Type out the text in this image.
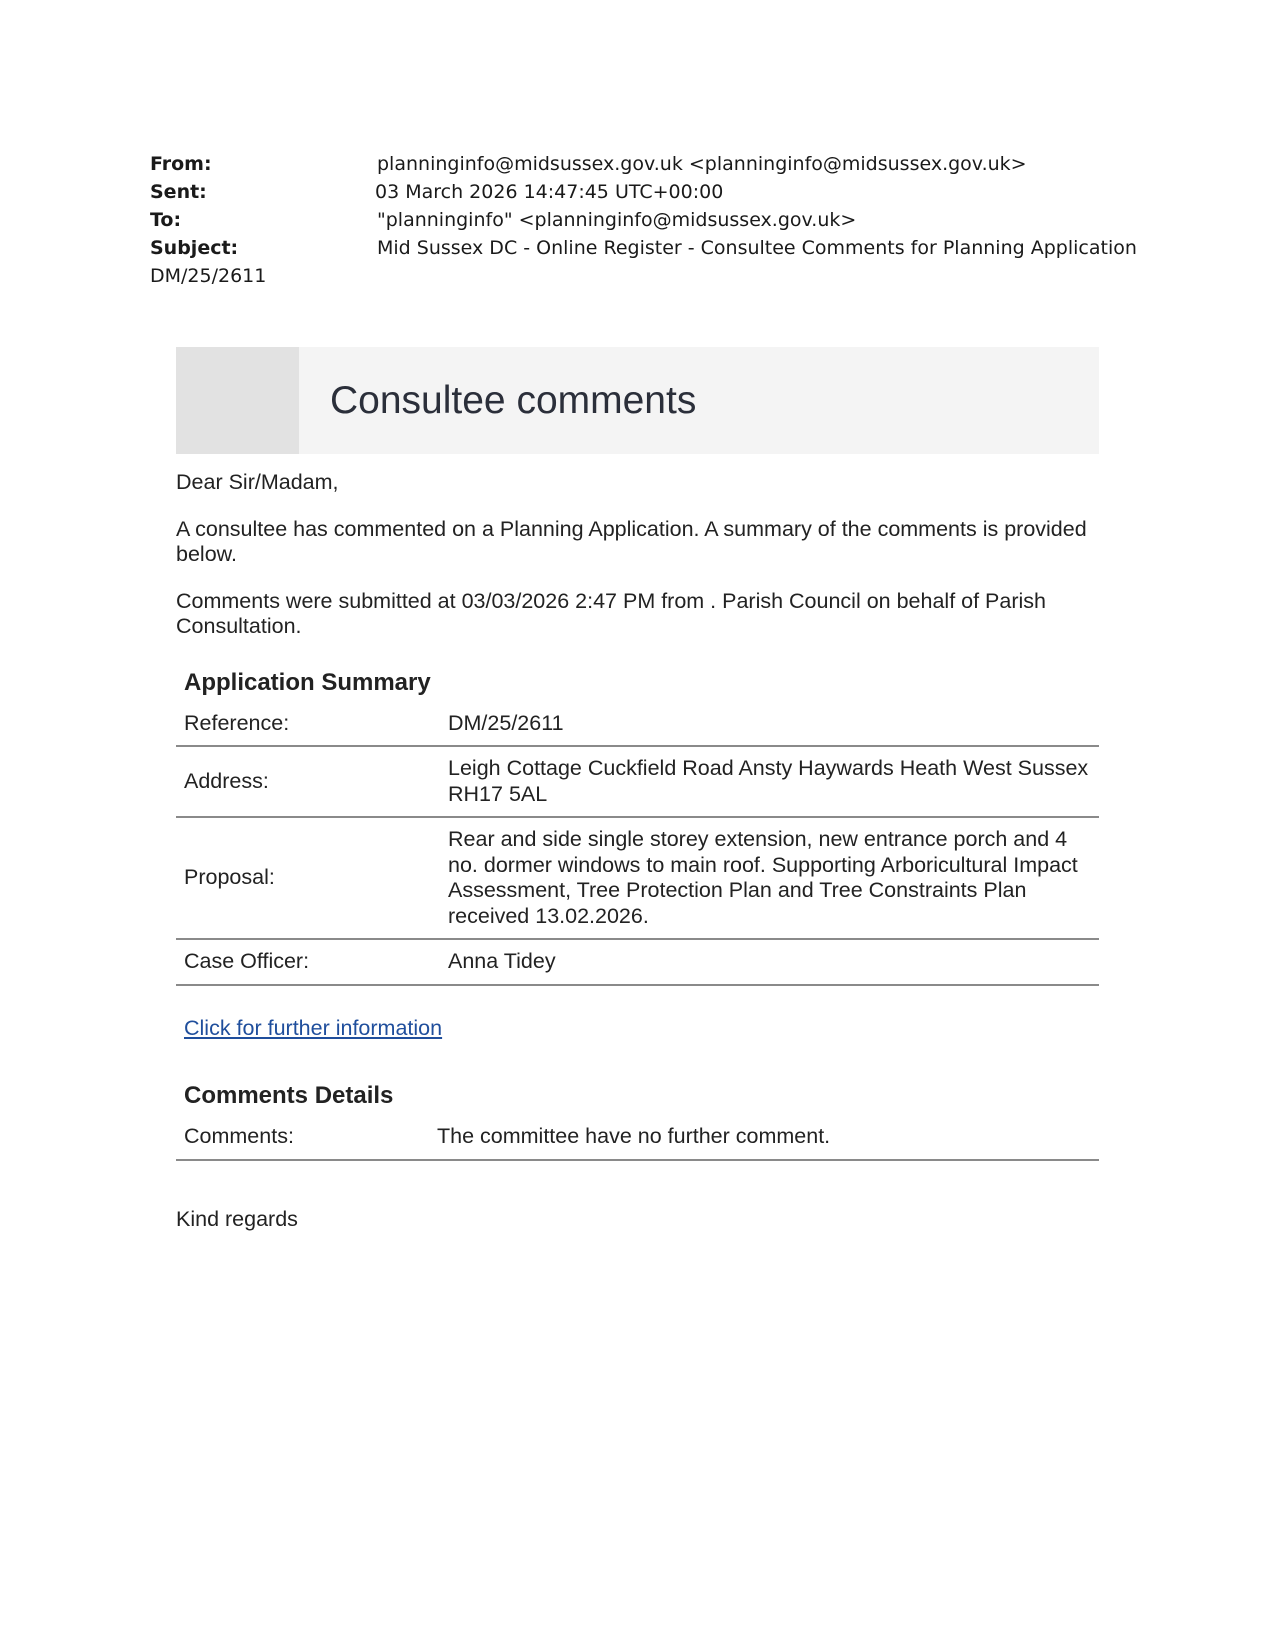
From:	planninginfo@midsussex.gov.uk <planninginfo@midsussex.gov.uk>
Sent:	03 March 2026 14:47:45 UTC+00:00
To:	"planninginfo" <planninginfo@midsussex.gov.uk>
Subject:	Mid Sussex DC - Online Register - Consultee Comments for Planning Application
DM/25/2611
Consultee comments

Dear Sir/Madam,

A consultee has commented on a Planning Application. A summary of the comments is provided below.

Comments were submitted at 03/03/2026 2:47 PM from . Parish Council on behalf of Parish Consultation.

Application Summary
Reference:	DM/25/2611
Address:	Leigh Cottage Cuckfield Road Ansty Haywards Heath West Sussex RH17 5AL
Proposal:	Rear and side single storey extension, new entrance porch and 4 no. dormer windows to main roof. Supporting Arboricultural Impact Assessment, Tree Protection Plan and Tree Constraints Plan received 13.02.2026.
Case Officer:	Anna Tidey
Click for further information
Comments Details
Comments:	The committee have no further comment.

Kind regards
